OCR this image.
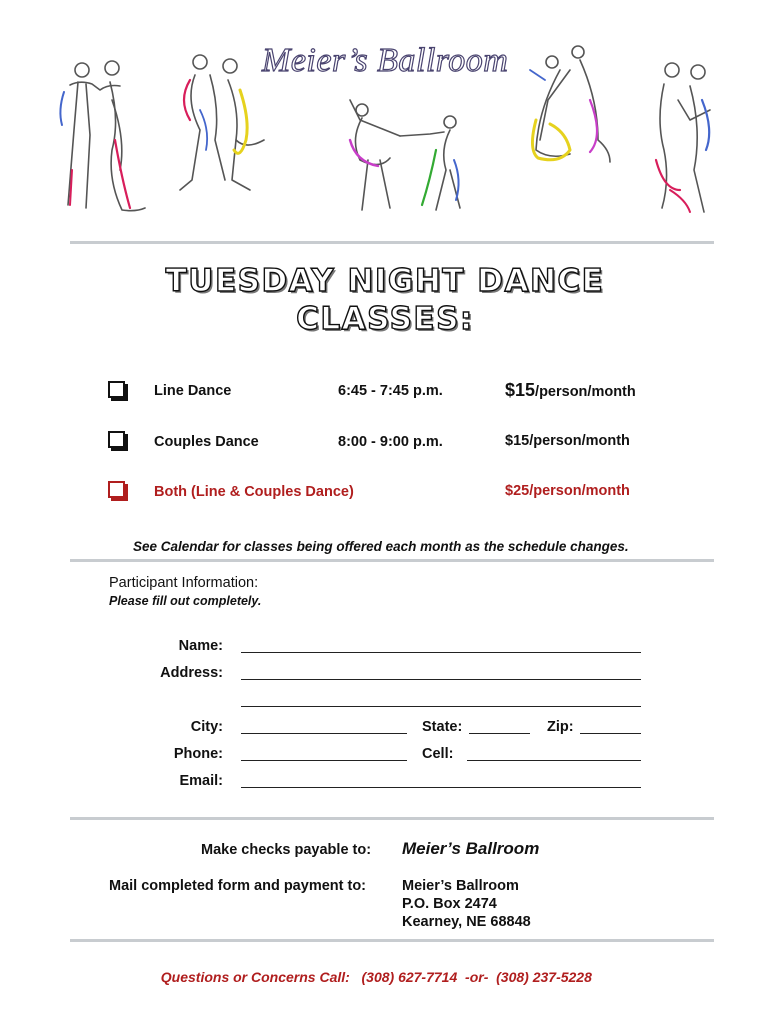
Meier’s Ballroom
TUESDAY NIGHT DANCE
CLASSES:
Line Dance	6:45 - 7:45 p.m.	$15/person/month
Couples Dance	8:00 - 9:00 p.m.	$15/person/month
Both (Line & Couples Dance)	$25/person/month
See Calendar for classes being offered each month as the schedule changes.
Participant Information:
Please fill out completely.
Name:
Address:
City:	State:	Zip:
Phone:	Cell:
Email:
Make checks payable to: Meier’s Ballroom
Mail completed form and payment to: Meier’s Ballroom
P.O. Box 2474
Kearney, NE 68848

Questions or Concerns Call: (308) 627-7714 -or- (308) 237-5228
